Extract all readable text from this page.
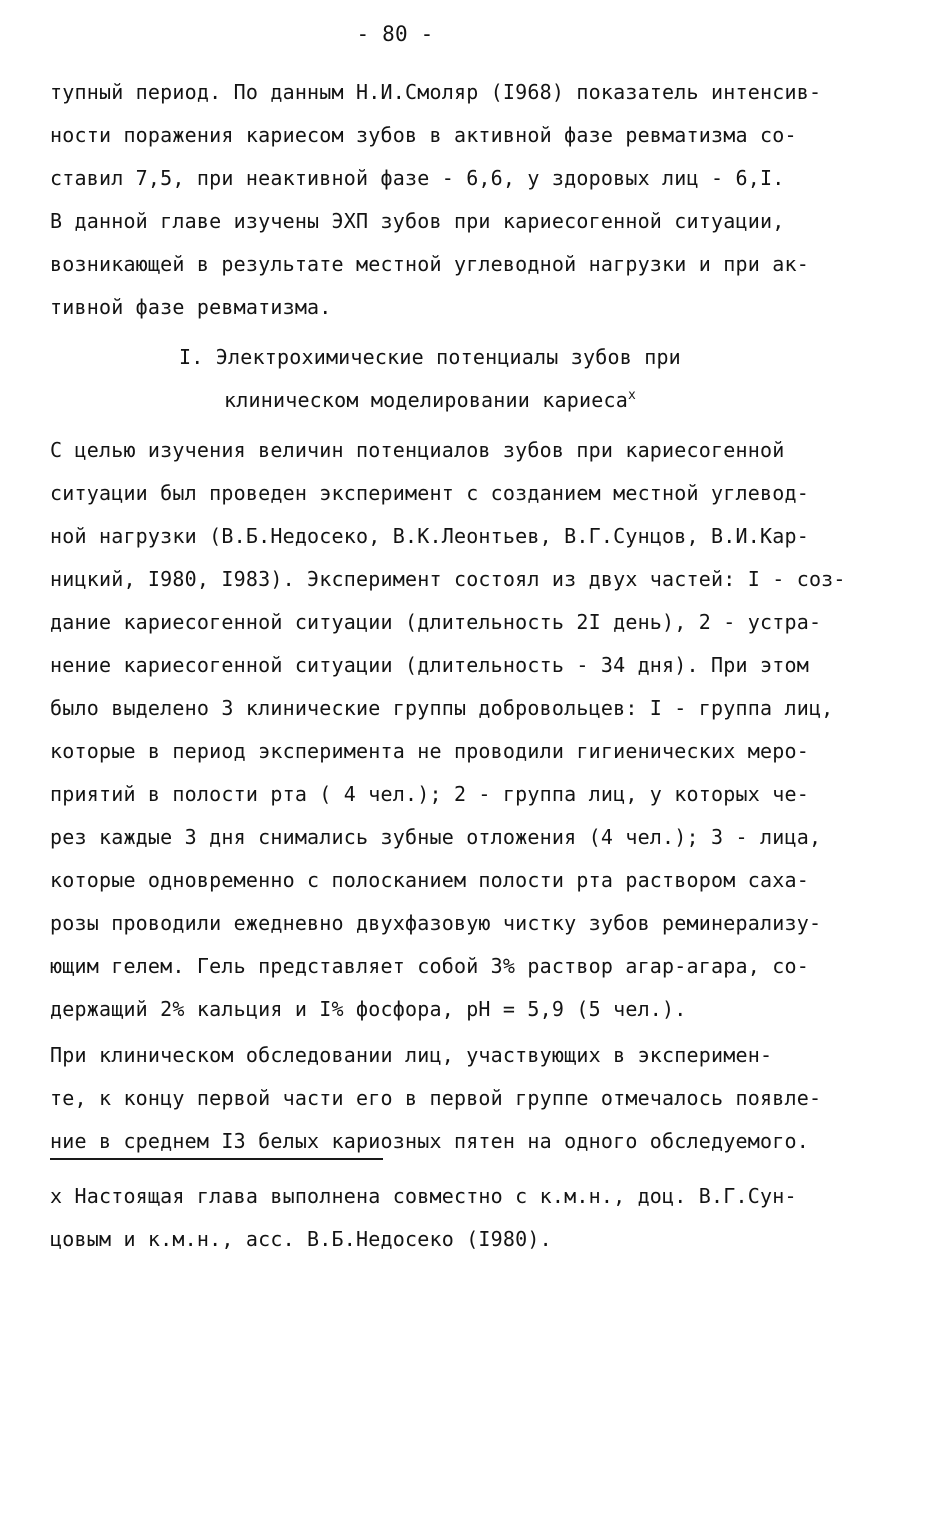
- 80 -
тупный период. По данным Н.И.Смоляр (I968) показатель интенсив-
ности поражения кариесом зубов в активной фазе ревматизма со-
ставил 7,5, при неактивной фазе - 6,6, у здоровых лиц - 6,I.
В данной главе изучены ЭХП зубов при кариесогенной ситуации,
возникающей в результате местной углеводной нагрузки и при ак-
тивной фазе ревматизма.
I. Электрохимические потенциалы зубов при
клиническом моделировании кариеса$^x$
С целью изучения величин потенциалов зубов при кариесогенной
ситуации был проведен эксперимент с созданием местной углевод-
ной нагрузки (В.Б.Недосеко, В.К.Леонтьев, В.Г.Сунцов, В.И.Кар-
ницкий, I980, I983). Эксперимент состоял из двух частей: I - соз-
дание кариесогенной ситуации (длительность 2I день), 2 - устра-
нение кариесогенной ситуации (длительность - 34 дня). При этом
было выделено 3 клинические группы добровольцев: I - группа лиц,
которые в период эксперимента не проводили гигиенических меро-
приятий в полости рта ( 4 чел.); 2 - группа лиц, у которых че-
рез каждые 3 дня снимались зубные отложения (4 чел.); 3 - лица,
которые одновременно с полосканием полости рта раствором саха-
розы проводили ежедневно двухфазовую чистку зубов реминерализу-
ющим гелем. Гель представляет собой 3% раствор агар-агара, со-
держащий 2% кальция и I% фосфора, pH = 5,9 (5 чел.).
При клиническом обследовании лиц, участвующих в эксперимен-
те, к концу первой части его в первой группе отмечалось появле-
ние в среднем I3 белых кариозных пятен на одного обследуемого.
х Настоящая глава выполнена совместно с к.м.н., доц. В.Г.Сун-
цовым и к.м.н., асс. В.Б.Недосеко (I980).
